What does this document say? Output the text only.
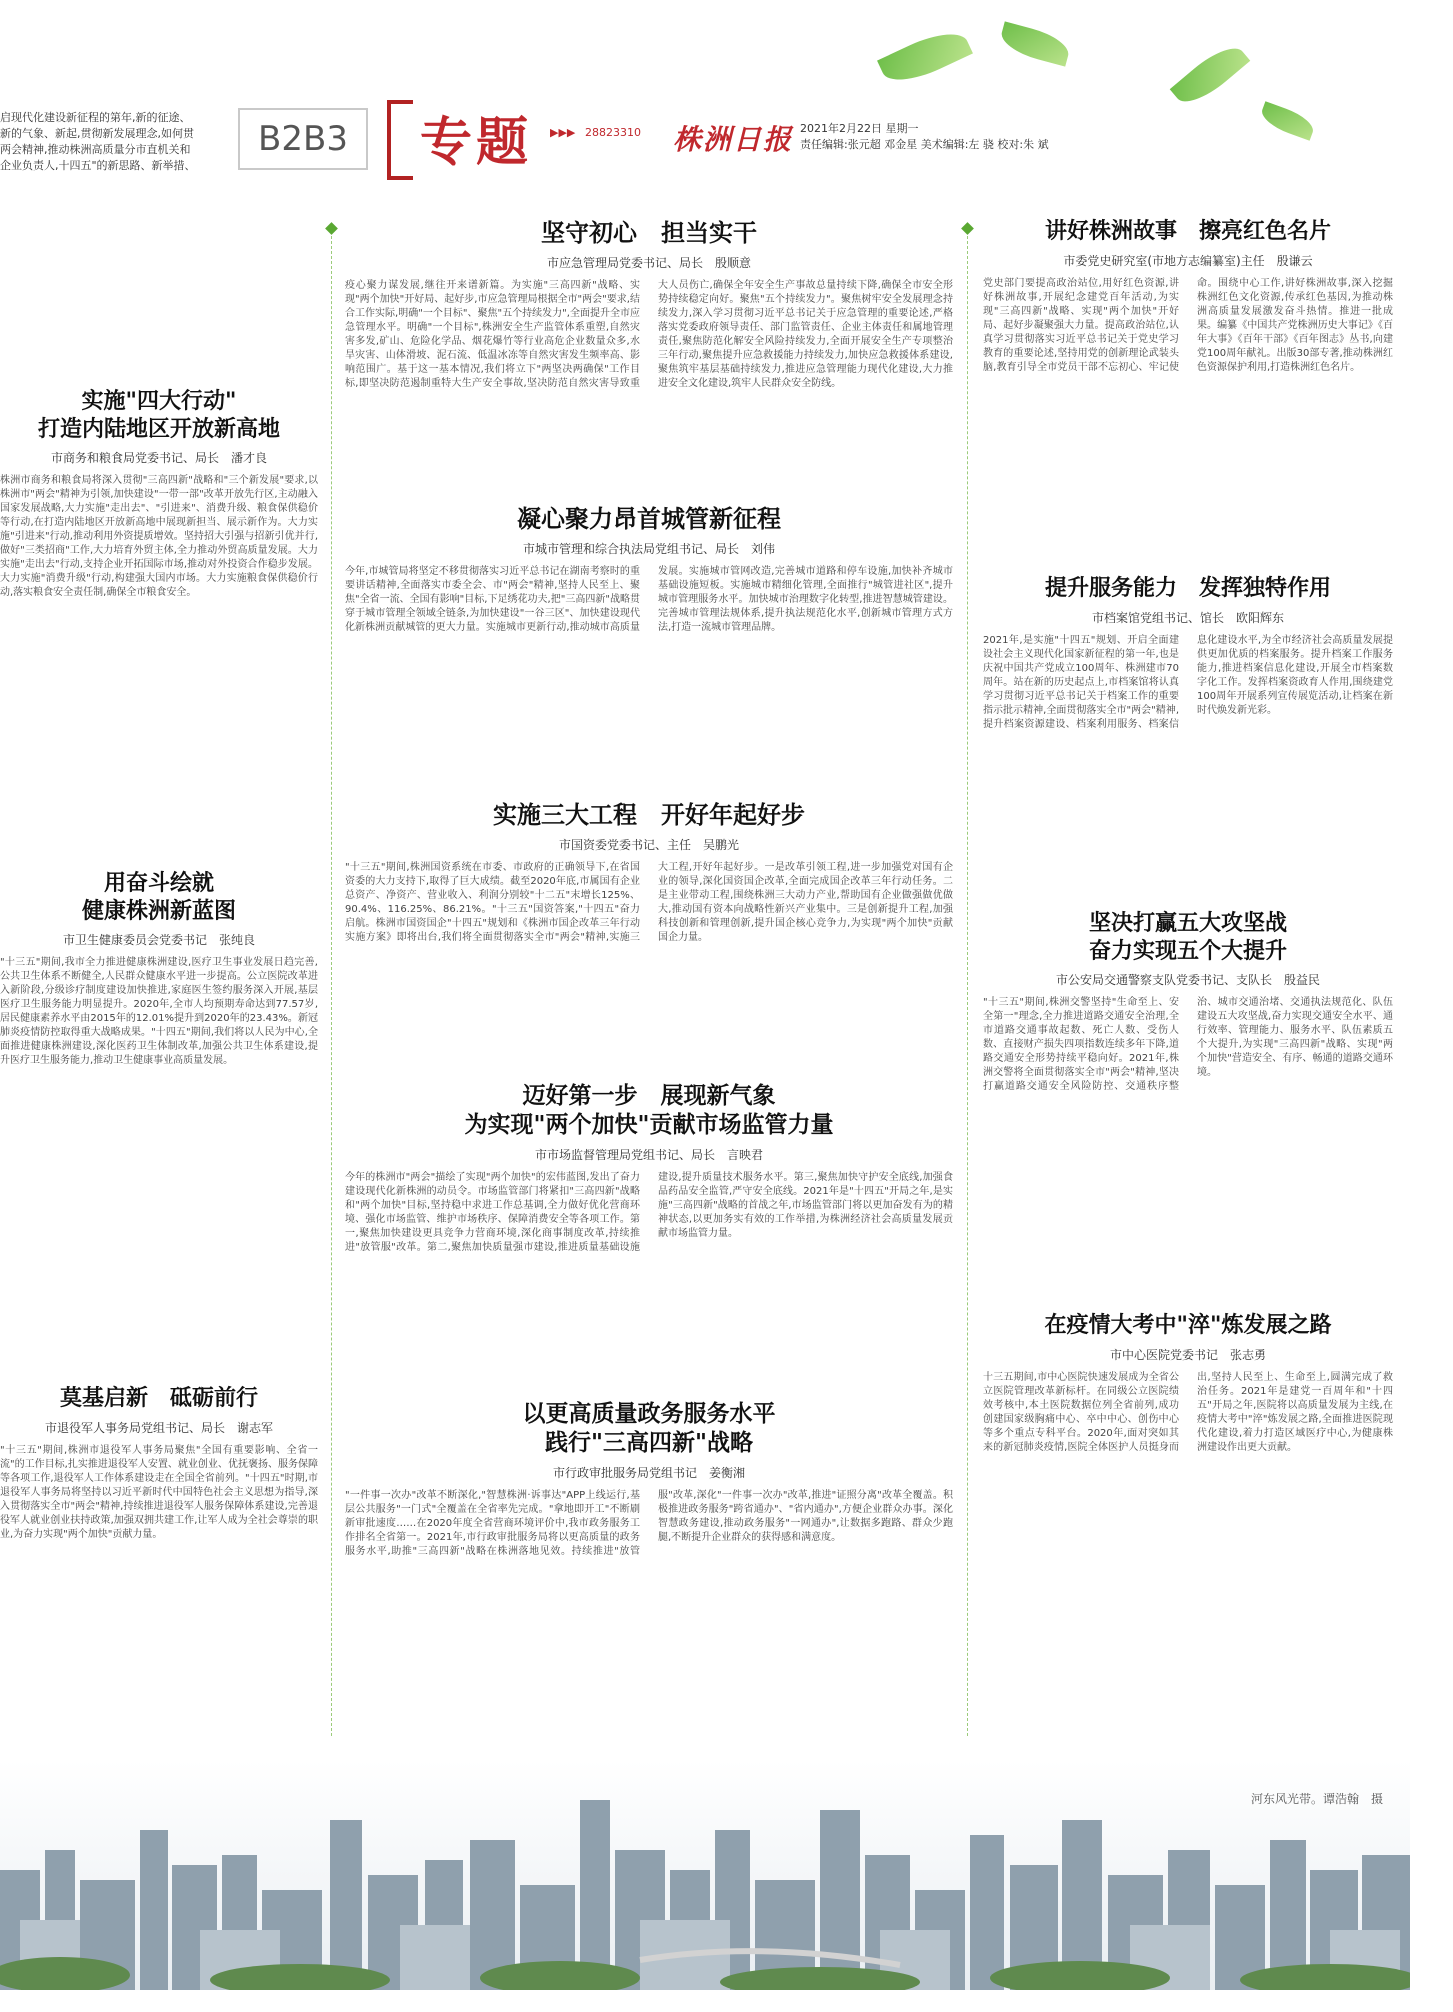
B2B3	专题 ▶▶▶ 28823310 株洲日报 2021年2月22日 星期一
责任编辑:张元超 邓金星 美术编辑:左 骁 校对:朱 斌
启现代化建设新征程的第年,新的征途、新的气象、新起,贯彻新发展理念,如何贯两会精神,推动株洲高质量分市直机关和企业负责人,十四五"的新思路、新举措、
坚守初心　担当实干
市应急管理局党委书记、局长　殷顺意
疫心聚力谋发展,继往开来谱新篇。为实施"三高四新"战略、实现"两个加快"开好局、起好步,市应急管理局根据全市"两会"要求,结合工作实际,明确"一个目标"、聚焦"五个持续发力",全面提升全市应急管理水平。明确"一个目标",株洲安全生产监管体系重塑,自然灾害多发,矿山、危险化学品、烟花爆竹等行业高危企业数量众多,水旱灾害、山体滑坡、泥石流、低温冰冻等自然灾害发生频率高、影响范围广。基于这一基本情况,我们将立下"两坚决两确保"工作目标,即坚决防范遏制重特大生产安全事故,坚决防范自然灾害导致重大人员伤亡,确保全年安全生产事故总量持续下降,确保全市安全形势持续稳定向好。聚焦"五个持续发力"。聚焦树牢安全发展理念持续发力,深入学习贯彻习近平总书记关于应急管理的重要论述,严格落实党委政府领导责任、部门监管责任、企业主体责任和属地管理责任,聚焦防范化解安全风险持续发力,全面开展安全生产专项整治三年行动,聚焦提升应急救援能力持续发力,加快应急救援体系建设,聚焦筑牢基层基础持续发力,推进应急管理能力现代化建设,大力推进安全文化建设,筑牢人民群众安全防线。
讲好株洲故事　擦亮红色名片
市委党史研究室(市地方志编纂室)主任　殷谦云
党史部门要提高政治站位,用好红色资源,讲好株洲故事,开展纪念建党百年活动,为实现"三高四新"战略、实现"两个加快"开好局、起好步凝聚强大力量。提高政治站位,认真学习贯彻落实习近平总书记关于党史学习教育的重要论述,坚持用党的创新理论武装头脑,教育引导全市党员干部不忘初心、牢记使命。围绕中心工作,讲好株洲故事,深入挖掘株洲红色文化资源,传承红色基因,为推动株洲高质量发展激发奋斗热情。推进一批成果。编纂《中国共产党株洲历史大事记》《百年大事》《百年干部》《百年图志》丛书,向建党100周年献礼。出版30部专著,推动株洲红色资源保护利用,打造株洲红色名片。
实施"四大行动"
打造内陆地区开放新高地
市商务和粮食局党委书记、局长　潘才良
株洲市商务和粮食局将深入贯彻"三高四新"战略和"三个新发展"要求,以株洲市"两会"精神为引领,加快建设"一带一部"改革开放先行区,主动融入国家发展战略,大力实施"走出去"、"引进来"、消费升级、粮食保供稳价等行动,在打造内陆地区开放新高地中展现新担当、展示新作为。大力实施"引进来"行动,推动利用外资提质增效。坚持招大引强与招新引优并行,做好"三类招商"工作,大力培育外贸主体,全力推动外贸高质量发展。大力实施"走出去"行动,支持企业开拓国际市场,推动对外投资合作稳步发展。大力实施"消费升级"行动,构建强大国内市场。大力实施粮食保供稳价行动,落实粮食安全责任制,确保全市粮食安全。
凝心聚力昂首城管新征程
市城市管理和综合执法局党组书记、局长　刘伟
今年,市城管局将坚定不移贯彻落实习近平总书记在湖南考察时的重要讲话精神,全面落实市委全会、市"两会"精神,坚持人民至上、聚焦"全省一流、全国有影响"目标,下足绣花功夫,把"三高四新"战略贯穿于城市管理全领域全链条,为加快建设"一谷三区"、加快建设现代化新株洲贡献城管的更大力量。实施城市更新行动,推动城市高质量发展。实施城市管网改造,完善城市道路和停车设施,加快补齐城市基础设施短板。实施城市精细化管理,全面推行"城管进社区",提升城市管理服务水平。加快城市治理数字化转型,推进智慧城管建设。完善城市管理法规体系,提升执法规范化水平,创新城市管理方式方法,打造一流城市管理品牌。
提升服务能力　发挥独特作用
市档案馆党组书记、馆长　欧阳辉东
2021年,是实施"十四五"规划、开启全面建设社会主义现代化国家新征程的第一年,也是庆祝中国共产党成立100周年、株洲建市70周年。站在新的历史起点上,市档案馆将认真学习贯彻习近平总书记关于档案工作的重要指示批示精神,全面贯彻落实全市"两会"精神,提升档案资源建设、档案利用服务、档案信息化建设水平,为全市经济社会高质量发展提供更加优质的档案服务。提升档案工作服务能力,推进档案信息化建设,开展全市档案数字化工作。发挥档案资政育人作用,围绕建党100周年开展系列宣传展览活动,让档案在新时代焕发新光彩。
实施三大工程　开好年起好步
市国资委党委书记、主任　吴鹏光
"十三五"期间,株洲国资系统在市委、市政府的正确领导下,在省国资委的大力支持下,取得了巨大成绩。截至2020年底,市属国有企业总资产、净资产、营业收入、利润分别较"十二五"末增长125%、90.4%、116.25%、86.21%。"十三五"国资答案,"十四五"奋力启航。株洲市国资国企"十四五"规划和《株洲市国企改革三年行动实施方案》即将出台,我们将全面贯彻落实全市"两会"精神,实施三大工程,开好年起好步。一是改革引领工程,进一步加强党对国有企业的领导,深化国资国企改革,全面完成国企改革三年行动任务。二是主业带动工程,围绕株洲三大动力产业,帮助国有企业做强做优做大,推动国有资本向战略性新兴产业集中。三是创新提升工程,加强科技创新和管理创新,提升国企核心竞争力,为实现"两个加快"贡献国企力量。
用奋斗绘就
健康株洲新蓝图
市卫生健康委员会党委书记　张纯良
"十三五"期间,我市全力推进健康株洲建设,医疗卫生事业发展日趋完善,公共卫生体系不断健全,人民群众健康水平进一步提高。公立医院改革进入新阶段,分级诊疗制度建设加快推进,家庭医生签约服务深入开展,基层医疗卫生服务能力明显提升。2020年,全市人均预期寿命达到77.57岁,居民健康素养水平由2015年的12.01%提升到2020年的23.43%。新冠肺炎疫情防控取得重大战略成果。"十四五"期间,我们将以人民为中心,全面推进健康株洲建设,深化医药卫生体制改革,加强公共卫生体系建设,提升医疗卫生服务能力,推动卫生健康事业高质量发展。
坚决打赢五大攻坚战
奋力实现五个大提升
市公安局交通警察支队党委书记、支队长　殷益民
"十三五"期间,株洲交警坚持"生命至上、安全第一"理念,全力推进道路交通安全治理,全市道路交通事故起数、死亡人数、受伤人数、直接财产损失四项指数连续多年下降,道路交通安全形势持续平稳向好。2021年,株洲交警将全面贯彻落实全市"两会"精神,坚决打赢道路交通安全风险防控、交通秩序整治、城市交通治堵、交通执法规范化、队伍建设五大攻坚战,奋力实现交通安全水平、通行效率、管理能力、服务水平、队伍素质五个大提升,为实现"三高四新"战略、实现"两个加快"营造安全、有序、畅通的道路交通环境。
迈好第一步　展现新气象
为实现"两个加快"贡献市场监管力量
市市场监督管理局党组书记、局长　言映君
今年的株洲市"两会"描绘了实现"两个加快"的宏伟蓝图,发出了奋力建设现代化新株洲的动员令。市场监管部门将紧扣"三高四新"战略和"两个加快"目标,坚持稳中求进工作总基调,全力做好优化营商环境、强化市场监管、维护市场秩序、保障消费安全等各项工作。第一,聚焦加快建设更具竞争力营商环境,深化商事制度改革,持续推进"放管服"改革。第二,聚焦加快质量强市建设,推进质量基础设施建设,提升质量技术服务水平。第三,聚焦加快守护安全底线,加强食品药品安全监管,严守安全底线。2021年是"十四五"开局之年,是实施"三高四新"战略的首战之年,市场监管部门将以更加奋发有为的精神状态,以更加务实有效的工作举措,为株洲经济社会高质量发展贡献市场监管力量。
莫基启新　砥砺前行
市退役军人事务局党组书记、局长　谢志军
"十三五"期间,株洲市退役军人事务局聚焦"全国有重要影响、全省一流"的工作目标,扎实推进退役军人安置、就业创业、优抚褒扬、服务保障等各项工作,退役军人工作体系建设走在全国全省前列。"十四五"时期,市退役军人事务局将坚持以习近平新时代中国特色社会主义思想为指导,深入贯彻落实全市"两会"精神,持续推进退役军人服务保障体系建设,完善退役军人就业创业扶持政策,加强双拥共建工作,让军人成为全社会尊崇的职业,为奋力实现"两个加快"贡献力量。
在疫情大考中"淬"炼发展之路
市中心医院党委书记　张志勇
十三五期间,市中心医院快速发展成为全省公立医院管理改革新标杆。在同级公立医院绩效考核中,本土医院数据位列全省前列,成功创建国家级胸痛中心、卒中中心、创伤中心等多个重点专科平台。2020年,面对突如其来的新冠肺炎疫情,医院全体医护人员挺身而出,坚持人民至上、生命至上,圆满完成了救治任务。2021年是建党一百周年和"十四五"开局之年,医院将以高质量发展为主线,在疫情大考中"淬"炼发展之路,全面推进医院现代化建设,着力打造区域医疗中心,为健康株洲建设作出更大贡献。
以更高质量政务服务水平
践行"三高四新"战略
市行政审批服务局党组书记　姜衡湘
"一件事一次办"改革不断深化,"智慧株洲·诉事达"APP上线运行,基层公共服务"一门式"全覆盖在全省率先完成。"拿地即开工"不断刷新审批速度……在2020年度全省营商环境评价中,我市政务服务工作排名全省第一。2021年,市行政审批服务局将以更高质量的政务服务水平,助推"三高四新"战略在株洲落地见效。持续推进"放管服"改革,深化"一件事一次办"改革,推进"证照分离"改革全覆盖。积极推进政务服务"跨省通办"、"省内通办",方便企业群众办事。深化智慧政务建设,推动政务服务"一网通办",让数据多跑路、群众少跑腿,不断提升企业群众的获得感和满意度。
河东风光带。谭浩翰　摄
